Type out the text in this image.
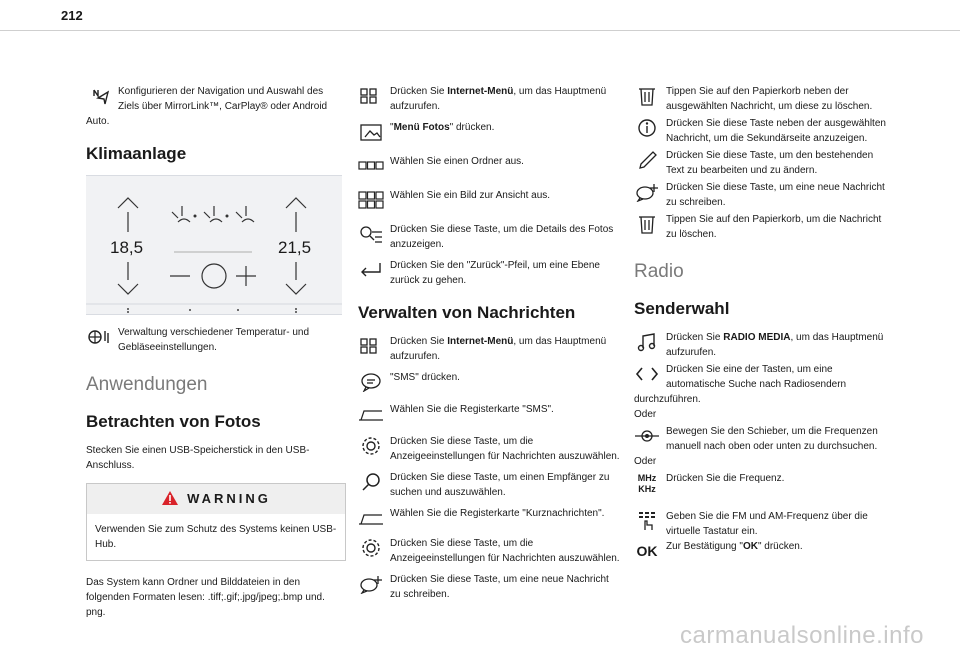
212

Konfigurieren der Navigation und Auswahl des Ziels über MirrorLink™, CarPlay® oder Android Auto.

Klimaanlage
18,5	21,5

Verwaltung verschiedener Temperatur- und Gebläseeinstellungen.

Anwendungen
Betrachten von Fotos

Stecken Sie einen USB-Speicherstick in den USB-Anschluss.

WARNING
Verwenden Sie zum Schutz des Systems keinen USB-Hub.

Das System kann Ordner und Bilddateien in den folgenden Formaten lesen: .tiff;.gif;.jpg/jpeg;.bmp und. png.

Drücken Sie Internet-Menü, um das Hauptmenü aufzurufen.

"Menü Fotos" drücken.

Wählen Sie einen Ordner aus.

Wählen Sie ein Bild zur Ansicht aus.

Drücken Sie diese Taste, um die Details des Fotos anzuzeigen.

Drücken Sie den "Zurück"-Pfeil, um eine Ebene zurück zu gehen.

Verwalten von Nachrichten

Drücken Sie Internet-Menü, um das Hauptmenü aufzurufen.

"SMS" drücken.

Wählen Sie die Registerkarte "SMS".

Drücken Sie diese Taste, um die Anzeigeeinstellungen für Nachrichten auszuwählen.

Drücken Sie diese Taste, um einen Empfänger zu suchen und auszuwählen.

Wählen Sie die Registerkarte "Kurznachrichten".

Drücken Sie diese Taste, um die Anzeigeeinstellungen für Nachrichten auszuwählen.

Drücken Sie diese Taste, um eine neue Nachricht zu schreiben.

Tippen Sie auf den Papierkorb neben der ausgewählten Nachricht, um diese zu löschen.

Drücken Sie diese Taste neben der ausgewählten Nachricht, um die Sekundärseite anzuzeigen.

Drücken Sie diese Taste, um den bestehenden Text zu bearbeiten und zu ändern.

Drücken Sie diese Taste, um eine neue Nachricht zu schreiben.

Tippen Sie auf den Papierkorb, um die Nachricht zu löschen.

Radio
Senderwahl

Drücken Sie RADIO MEDIA, um das Hauptmenü aufzurufen.

Drücken Sie eine der Tasten, um eine automatische Suche nach Radiosendern durchzuführen.

Oder

Bewegen Sie den Schieber, um die Frequenzen manuell nach oben oder unten zu durchsuchen.

Oder

MHz
KHz

Drücken Sie die Frequenz.

Geben Sie die FM und AM-Frequenz über die virtuelle Tastatur ein.

OK Zur Bestätigung "OK" drücken.

carmanualsonline.info
